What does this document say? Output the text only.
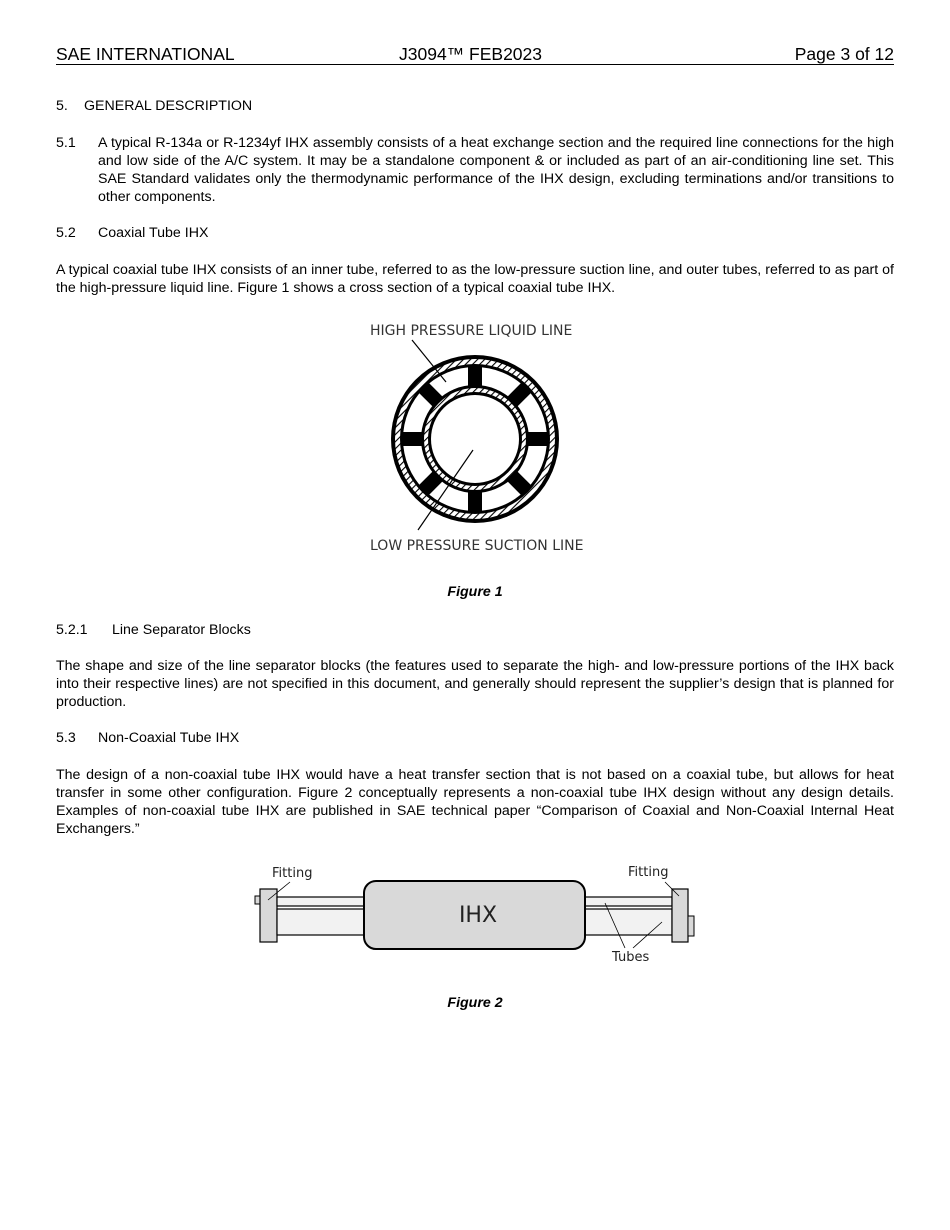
SAE INTERNATIONAL	J3094™ FEB2023	Page 3 of 12
5. GENERAL DESCRIPTION
5.1 A typical R-134a or R-1234yf IHX assembly consists of a heat exchange section and the required line connections for the high and low side of the A/C system. It may be a standalone component & or included as part of an air-conditioning line set. This SAE Standard validates only the thermodynamic performance of the IHX design, excluding terminations and/or transitions to other components.
5.2 Coaxial Tube IHX
A typical coaxial tube IHX consists of an inner tube, referred to as the low-pressure suction line, and outer tubes, referred to as part of the high-pressure liquid line. Figure 1 shows a cross section of a typical coaxial tube IHX.
HIGH PRESSURE LIQUID LINE
LOW PRESSURE SUCTION LINE
Figure 1
5.2.1 Line Separator Blocks
The shape and size of the line separator blocks (the features used to separate the high- and low-pressure portions of the IHX back into their respective lines) are not specified in this document, and generally should represent the supplier’s design that is planned for production.
5.3 Non-Coaxial Tube IHX
The design of a non-coaxial tube IHX would have a heat transfer section that is not based on a coaxial tube, but allows for heat transfer in some other configuration. Figure 2 conceptually represents a non-coaxial tube IHX design without any design details. Examples of non-coaxial tube IHX are published in SAE technical paper “Comparison of Coaxial and Non-Coaxial Internal Heat Exchangers.”
IHX
Fitting	Fitting
Tubes
Figure 2
